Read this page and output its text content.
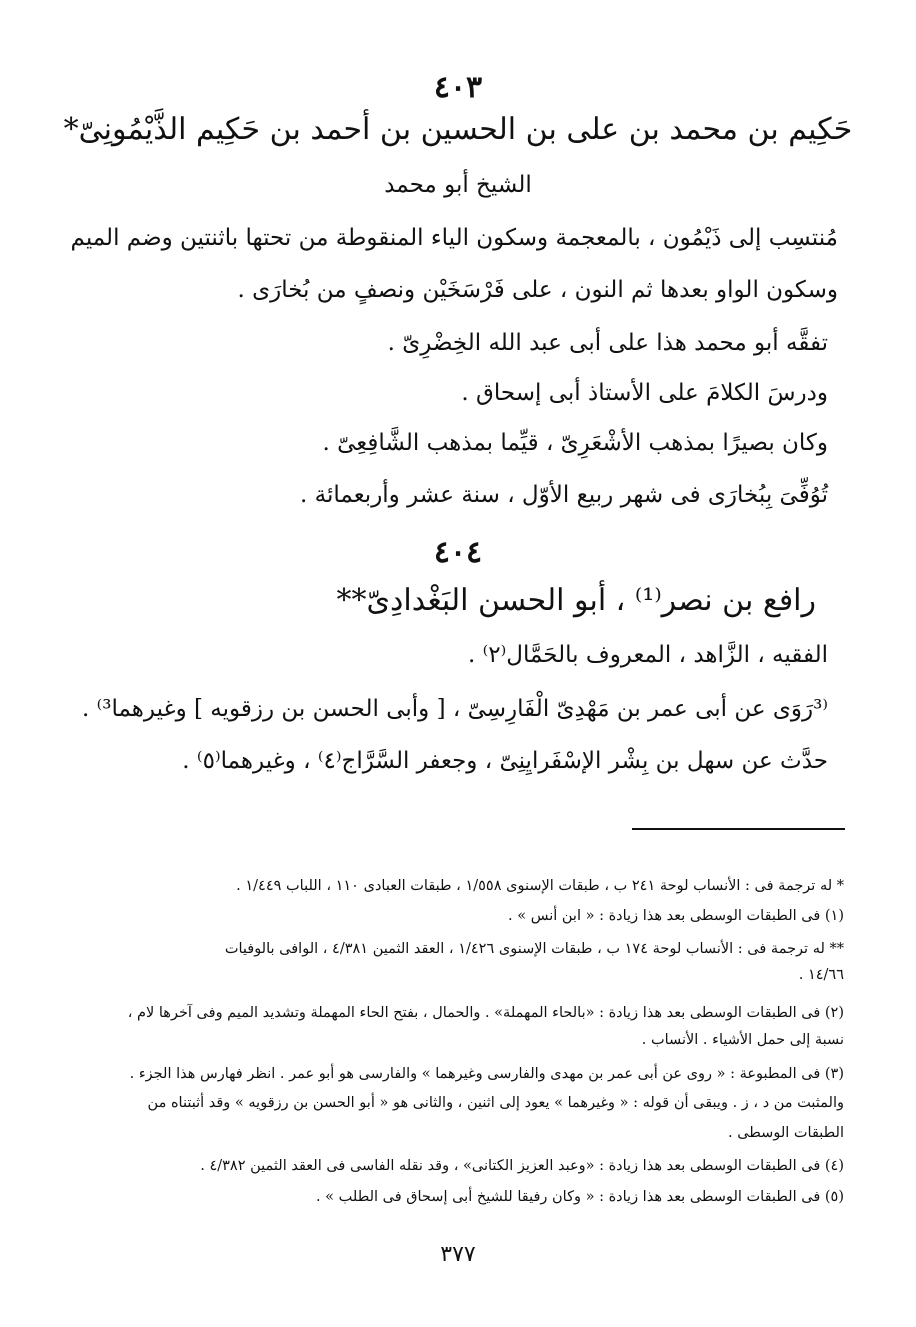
٤٠٣
حَكِيم بن محمد بن على بن الحسين بن أحمد بن حَكِيم الذَّيْمُونِىّ*
الشيخ أبو محمد
مُنتسِب إلى ذَيْمُون ، بالمعجمة وسكون الياء المنقوطة من تحتها باثنتين وضم الميم
وسكون الواو بعدها ثم النون ، على فَرْسَخَيْن ونصفٍ من بُخارَى .
تفقَّه أبو محمد هذا على أبى عبد الله الخِضْرِىّ .
ودرسَ الكلامَ على الأستاذ أبى إسحاق .
وكان بصيرًا بمذهب الأشْعَرِىّ ، قيِّما بمذهب الشَّافِعِىّ .
تُوُفِّىَ بِبُخارَى فى شهر ربيع الأوّل ، سنة عشر وأربعمائة .
٤٠٤
رافع بن نصر⁽¹⁾ ، أبو الحسن البَغْدادِىّ**
الفقيه ، الزَّاهد ، المعروف بالحَمَّال⁽٢⁾ .
⁽³رَوَى عن أبى عمر بن مَهْدِىّ الْفَارِسِىّ ، [ وأبى الحسن بن رزقويه ] وغيرهما³⁾ .
حدَّث عن سهل بن بِشْر الإسْفَرايِنِىّ ، وجعفر السَّرَّاج⁽٤⁾ ، وغيرهما⁽٥⁾ .
* له ترجمة فى : الأنساب لوحة ٢٤١ ب ، طبقات الإسنوى ١/٥٥٨ ، طبقات العبادى ١١٠ ، اللباب ١/٤٤٩ .
(١) فى الطبقات الوسطى بعد هذا زيادة : « ابن أنس » .
** له ترجمة فى : الأنساب لوحة ١٧٤ ب ، طبقات الإسنوى ١/٤٢٦ ، العقد الثمين ٤/٣٨١ ، الوافى بالوفيات
١٤/٦٦ .
(٢) فى الطبقات الوسطى بعد هذا زيادة : «بالحاء المهملة» . والحمال ، بفتح الحاء المهملة وتشديد الميم وفى آخرها لام ،
نسبة إلى حمل الأشياء . الأنساب .
(٣) فى المطبوعة : « روى عن أبى عمر بن مهدى والفارسى وغيرهما » والفارسى هو أبو عمر . انظر فهارس هذا الجزء .
والمثبت من د ، ز . ويبقى أن قوله : « وغيرهما » يعود إلى اثنين ، والثانى هو « أبو الحسن بن رزقويه » وقد أثبتناه من
الطبقات الوسطى .
(٤) فى الطبقات الوسطى بعد هذا زيادة : «وعبد العزيز الكتانى» ، وقد نقله الفاسى فى العقد الثمين ٤/٣٨٢ .
(٥) فى الطبقات الوسطى بعد هذا زيادة : « وكان رفيقا للشيخ أبى إسحاق فى الطلب » .
٣٧٧
